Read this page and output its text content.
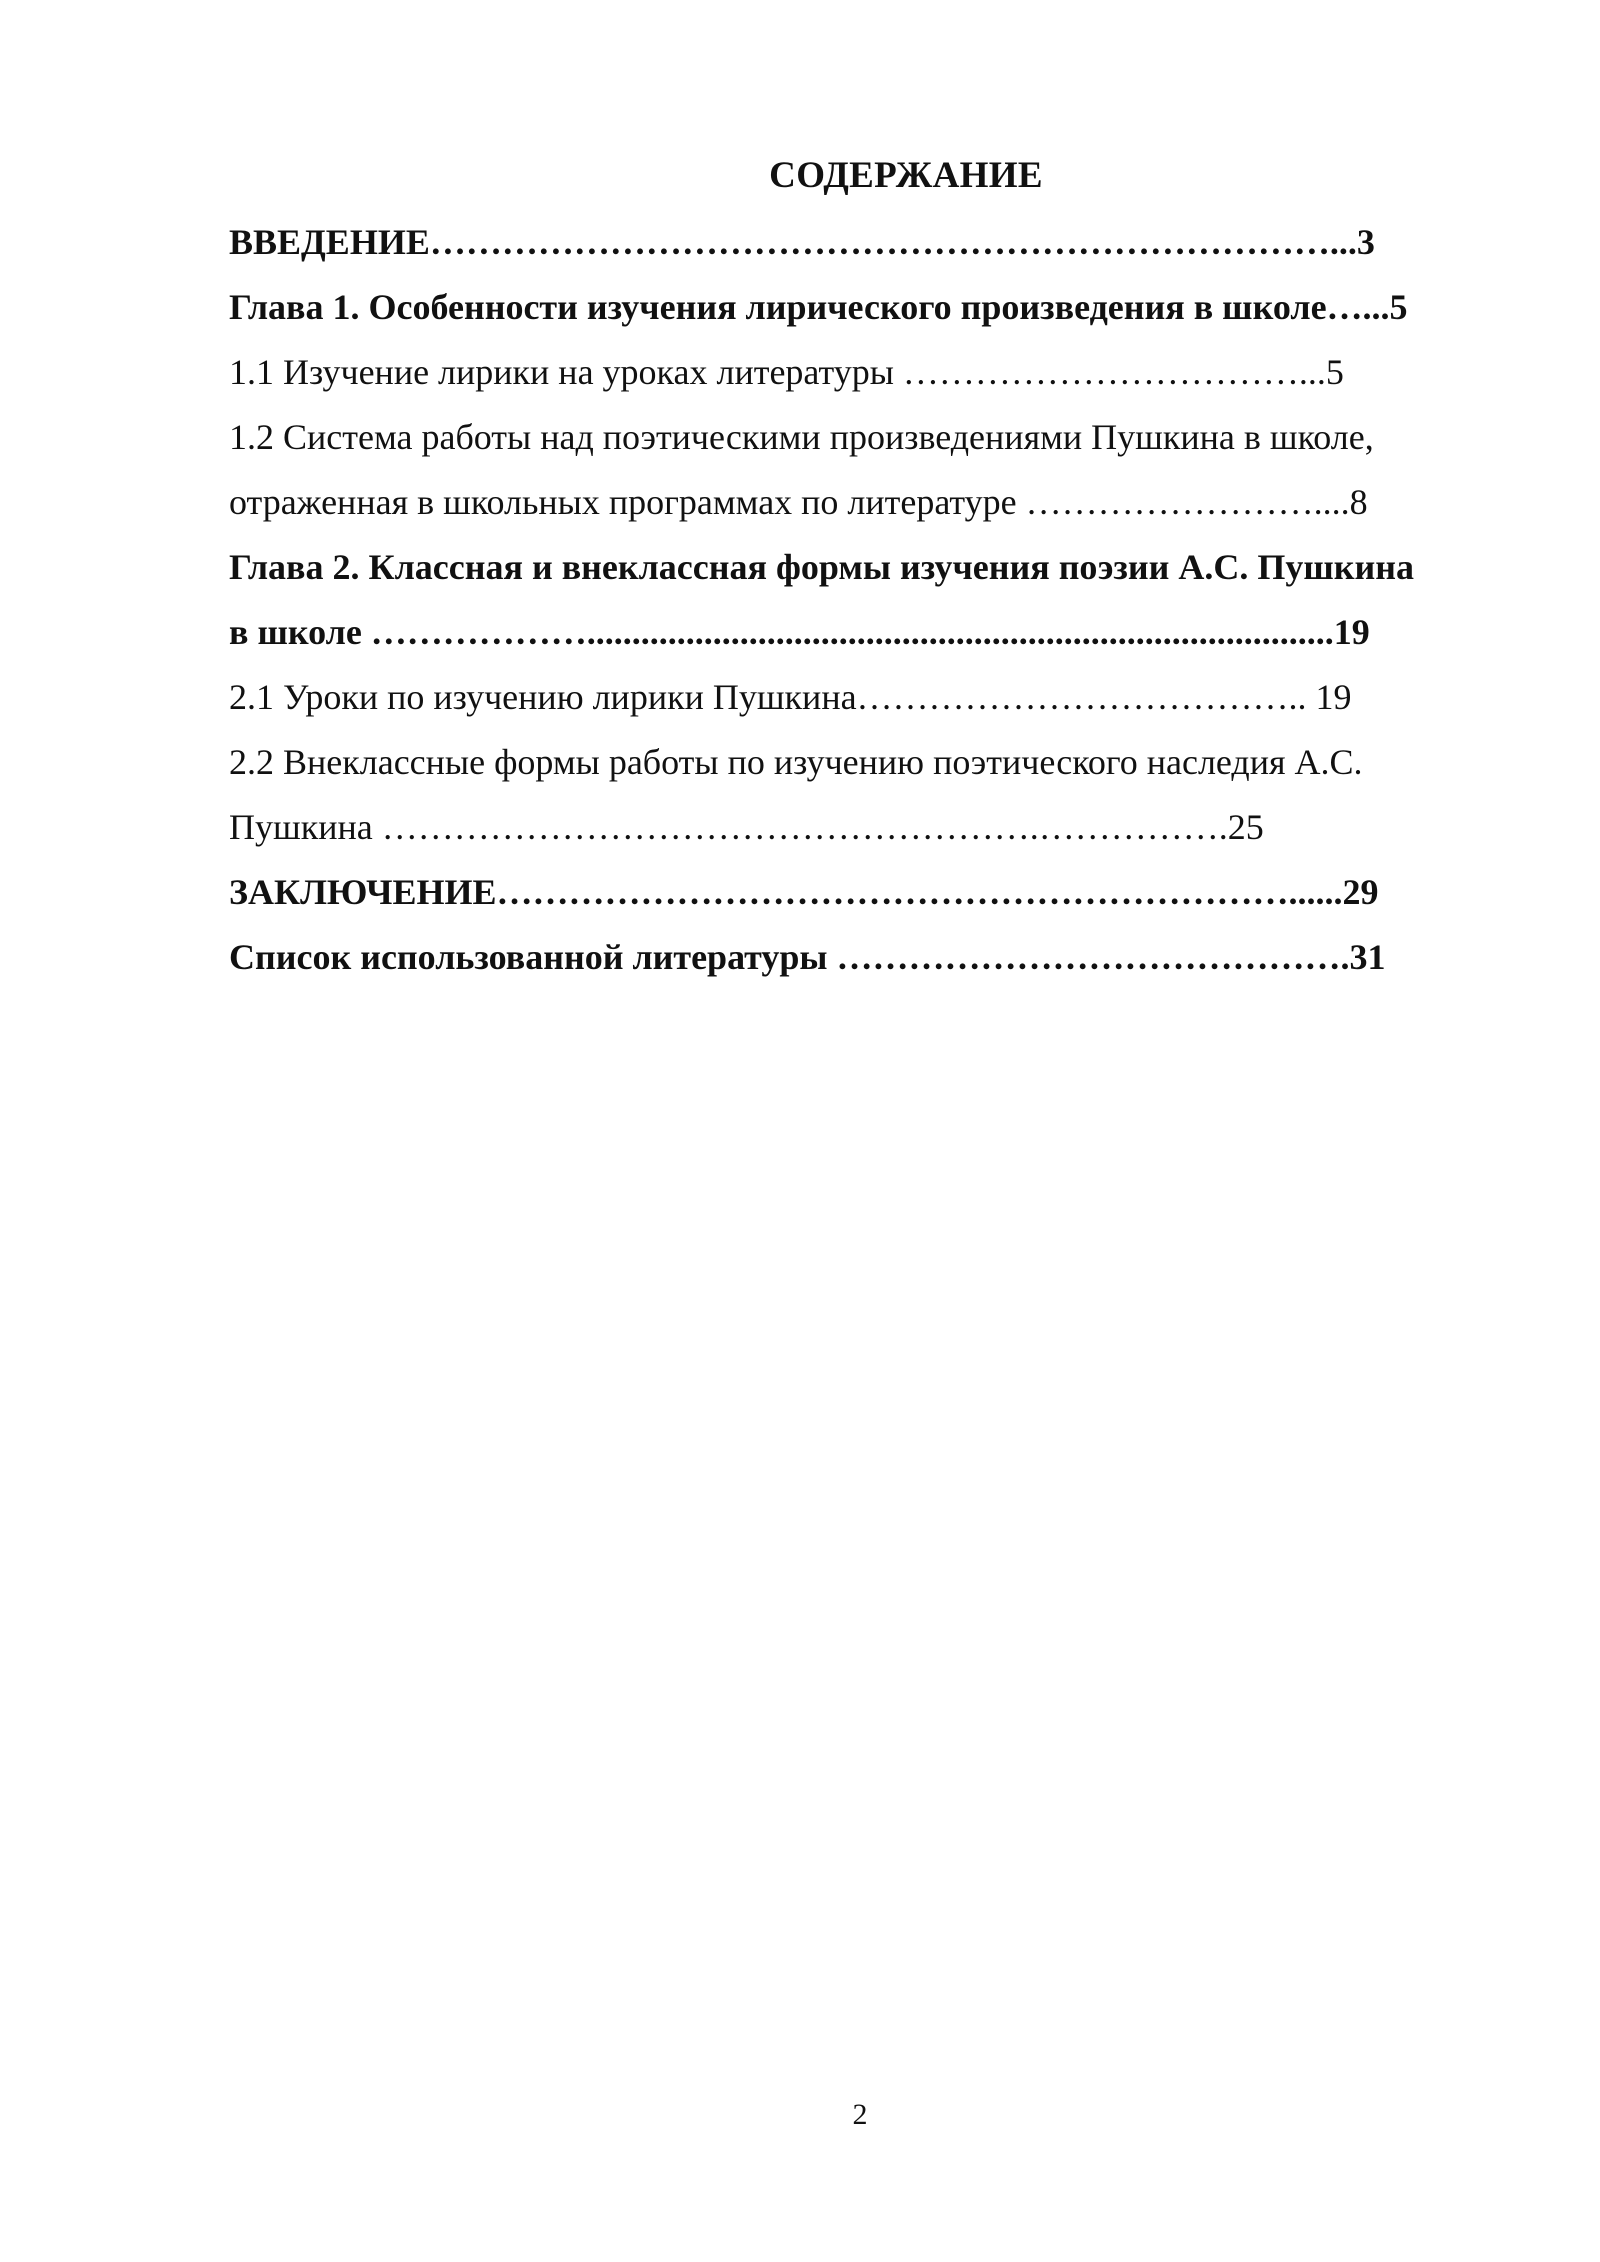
СОДЕРЖАНИЕ
ВВЕДЕНИЕ…………………………………………………………………...3
Глава 1. Особенности изучения лирического произведения в школе…...5
1.1 Изучение лирики на уроках литературы ……………………………...5
1.2 Система работы над поэтическими произведениями Пушкина в школе,
отраженная в школьных программах по литературе ……………………....8
Глава 2. Классная и внеклассная формы изучения поэзии А.С. Пушкина
в школе ………………...................................................................................19
2.1 Уроки по изучению лирики Пушкина……………………………….. 19
2.2 Внеклассные формы работы по изучению поэтического наследия А.С.
Пушкина ……………………………………………….…………….25
ЗАКЛЮЧЕНИЕ…………………………………………………………......29
Список использованной литературы …………………………………….31
2
